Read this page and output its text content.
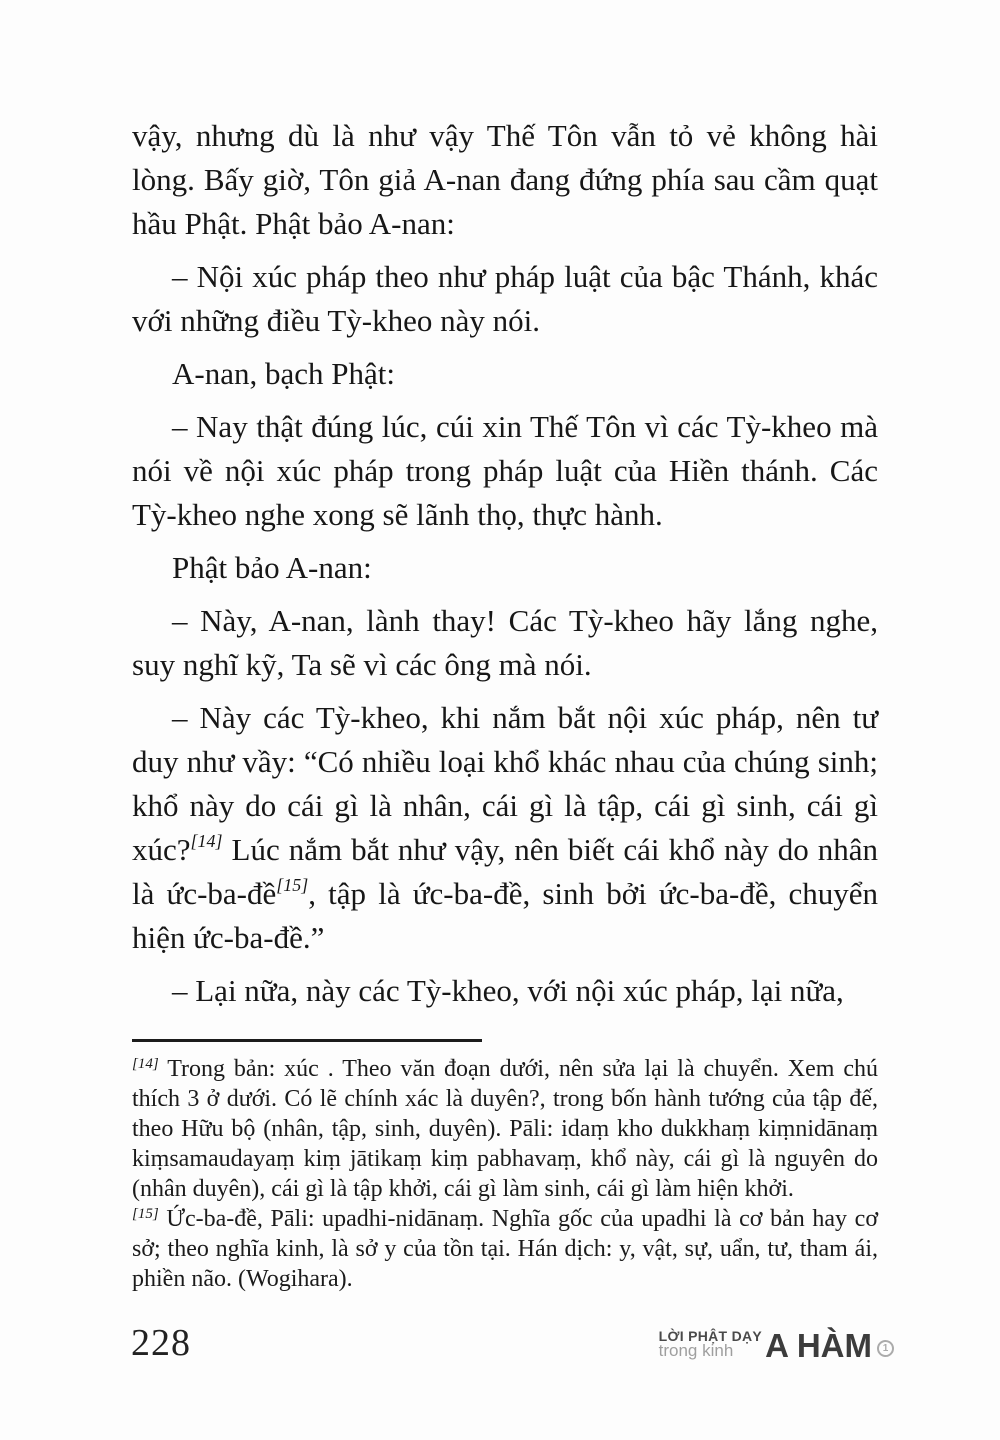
vậy, nhưng dù là như vậy Thế Tôn vẫn tỏ vẻ không hài lòng. Bấy giờ, Tôn giả A-nan đang đứng phía sau cầm quạt hầu Phật. Phật bảo A-nan:

– Nội xúc pháp theo như pháp luật của bậc Thánh, khác với những điều Tỳ-kheo này nói.

A-nan, bạch Phật:

– Nay thật đúng lúc, cúi xin Thế Tôn vì các Tỳ-kheo mà nói về nội xúc pháp trong pháp luật của Hiền thánh. Các Tỳ-kheo nghe xong sẽ lãnh thọ, thực hành.

Phật bảo A-nan:

– Này, A-nan, lành thay! Các Tỳ-kheo hãy lắng nghe, suy nghĩ kỹ, Ta sẽ vì các ông mà nói.

– Này các Tỳ-kheo, khi nắm bắt nội xúc pháp, nên tư duy như vầy: “Có nhiều loại khổ khác nhau của chúng sinh; khổ này do cái gì là nhân, cái gì là tập, cái gì sinh, cái gì xúc?[14] Lúc nắm bắt như vậy, nên biết cái khổ này do nhân là ức-ba-đề[15], tập là ức-ba-đề, sinh bởi ức-ba-đề, chuyển hiện ức-ba-đề.”

– Lại nữa, này các Tỳ-kheo, với nội xúc pháp, lại nữa,

[14] Trong bản: xúc . Theo văn đoạn dưới, nên sửa lại là chuyển. Xem chú thích 3 ở dưới. Có lẽ chính xác là duyên?, trong bốn hành tướng của tập đế, theo Hữu bộ (nhân, tập, sinh, duyên). Pāli: idaṃ kho dukkhaṃ kiṃnidānaṃ kiṃsamaudayaṃ kiṃ jātikaṃ kiṃ pabhavaṃ, khổ này, cái gì là nguyên do (nhân duyên), cái gì là tập khởi, cái gì làm sinh, cái gì làm hiện khởi.

[15] Ức-ba-đề, Pāli: upadhi-nidānaṃ. Nghĩa gốc của upadhi là cơ bản hay cơ sở; theo nghĩa kinh, là sở y của tồn tại. Hán dịch: y, vật, sự, uẩn, tư, tham ái, phiền não. (Wogihara).

228	LỜI PHẬT DẠY
trong kinh A HÀM	1
